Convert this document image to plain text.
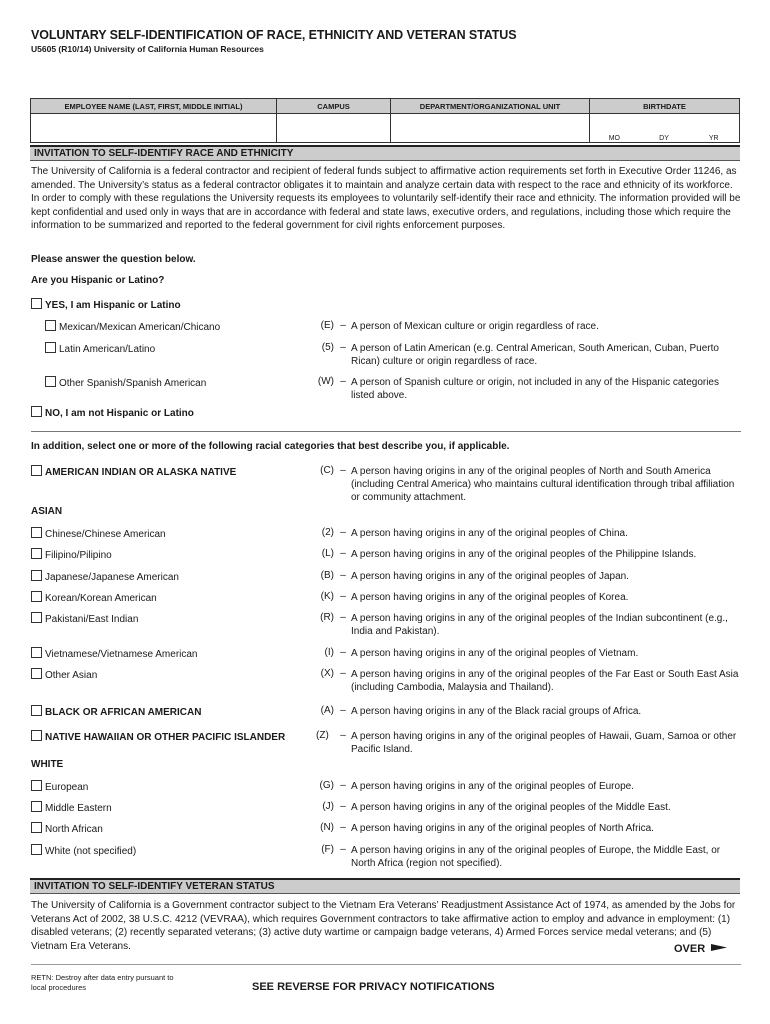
VOLUNTARY SELF-IDENTIFICATION OF RACE, ETHNICITY AND VETERAN STATUS
U5605 (R10/14) University of California Human Resources
EMPLOYEE NAME (LAST, FIRST, MIDDLE INITIAL)	CAMPUS	DEPARTMENT/ORGANIZATIONAL UNIT	BIRTHDATE

			MO DY YR
INVITATION TO SELF-IDENTIFY RACE AND ETHNICITY
The University of California is a federal contractor and recipient of federal funds subject to affirmative action requirements set forth in Executive Order 11246, as amended. The University’s status as a federal contractor obligates it to maintain and analyze certain data with respect to the race and ethnicity of its workforce. In order to comply with these regulations the University requests its employees to voluntarily self-identify their race and ethnicity. The information provided will be kept confidential and used only in ways that are in accordance with federal and state laws, executive orders, and regulations, including those which require the information to be summarized and reported to the federal government for civil rights enforcement purposes.
Please answer the question below.
Are you Hispanic or Latino?
YES, I am Hispanic or Latino
Mexican/Mexican American/Chicano	(E) – A person of Mexican culture or origin regardless of race.
Latin American/Latino	(5) – A person of Latin American (e.g. Central American, South American, Cuban, Puerto Rican) culture or origin regardless of race.
Other Spanish/Spanish American	(W) – A person of Spanish culture or origin, not included in any of the Hispanic categories listed above.
NO, I am not Hispanic or Latino
In addition, select one or more of the following racial categories that best describe you, if applicable.
AMERICAN INDIAN OR ALASKA NATIVE	(C) – A person having origins in any of the original peoples of North and South America (including Central America) who maintains cultural identification through tribal affiliation or community attachment.
ASIAN
Chinese/Chinese American	(2) – A person having origins in any of the original peoples of China.
Filipino/Pilipino	(L) – A person having origins in any of the original peoples of the Philippine Islands.
Japanese/Japanese American	(B) – A person having origins in any of the original peoples of Japan.
Korean/Korean American	(K) – A person having origins in any of the original peoples of Korea.
Pakistani/East Indian	(R) – A person having origins in any of the original peoples of the Indian subcontinent (e.g., India and Pakistan).
Vietnamese/Vietnamese American	(I) – A person having origins in any of the original peoples of Vietnam.
Other Asian	(X) – A person having origins in any of the original peoples of the Far East or South East Asia (including Cambodia, Malaysia and Thailand).
BLACK OR AFRICAN AMERICAN	(A) – A person having origins in any of the Black racial groups of Africa.
NATIVE HAWAIIAN OR OTHER PACIFIC ISLANDER	(Z)	– A person having origins in any of the original peoples of Hawaii, Guam, Samoa or other Pacific Island.
WHITE
European	(G) – A person having origins in any of the original peoples of Europe.
Middle Eastern	(J) – A person having origins in any of the original peoples of the Middle East.
North African	(N) – A person having origins in any of the original peoples of North Africa.
White (not specified)	(F) – A person having origins in any of the original peoples of Europe, the Middle East, or North Africa (region not specified).
INVITATION TO SELF-IDENTIFY VETERAN STATUS
The University of California is a Government contractor subject to the Vietnam Era Veterans’ Readjustment Assistance Act of 1974, as amended by the Jobs for Veterans Act of 2002, 38 U.S.C. 4212 (VEVRAA), which requires Government contractors to take affirmative action to employ and advance in employment: (1) disabled veterans; (2) recently separated veterans; (3) active duty wartime or campaign badge veterans, 4) Armed Forces service medal veterans; and (5) Vietnam Era Veterans.	OVER
RETN: Destroy after data entry pursuant to
local procedures	SEE REVERSE FOR PRIVACY NOTIFICATIONS
